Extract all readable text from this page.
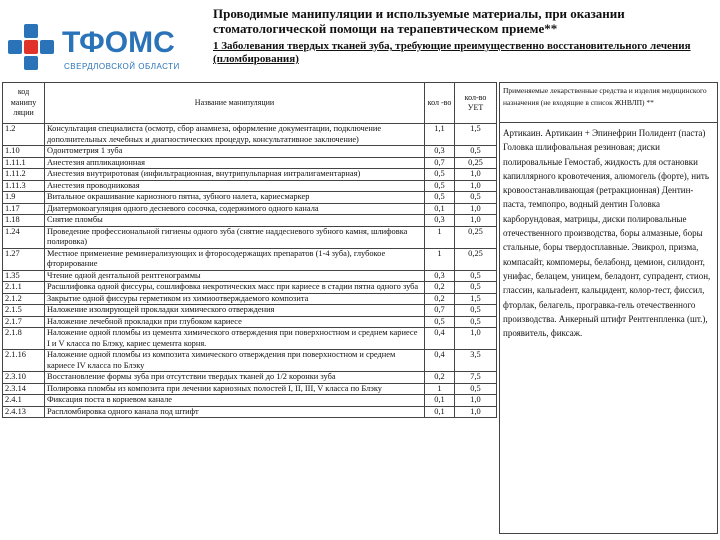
ТФОМС
СВЕРДЛОВСКОЙ ОБЛАСТИ
Проводимые манипуляции и используемые материалы, при оказании стоматологической помощи на терапевтическом приеме**
1 Заболевания твердых тканей зуба, требующие преимущественно восстановительного лечения (пломбирования)
код манипу ляции	Название манипуляции	кол -во	кол-во УЕТ
1.2	Консультация специалиста (осмотр, сбор анамнеза, оформление документации, подключение дополнительных лечебных и диагностических процедур, консультативное заключение)	1,1	1,5
1.10	Одонтометрия 1 зуба	0,3	0,5
1.11.1	Анестезия аппликационная	0,7	0,25
1.11.2	Анестезия внутриротовая (инфильтрационная, внутрипульпарная интралигаментарная)	0,5	1,0
1.11.3	Анестезия проводниковая	0,5	1,0
1.9	Витальное окрашивание кариозного пятна, зубного налета, кариесмаркер	0,5	0,5
1.17	Диатермокоагуляция одного десневого сосочка, содержимого одного канала	0,1	1,0
1.18	Снятие пломбы	0,3	1,0
1.24	Проведение профессиональной гигиены одного зуба (снятие наддесневого зубного камня, шлифовка полировка)	1	0,25
1.27	Местное применение реминерализующих и фторосодержащих препаратов (1-4 зуба), глубокое фторирование	1	0,25
1.35	Чтение одной дентальной рентгенограммы	0,3	0,5
2.1.1	Расшлифовка одной фиссуры, сошлифовка некротических масс при кариесе в стадии пятна одного зуба	0,2	0,5
2.1.2	Закрытие одной фиссуры герметиком из химиоотверждаемого композита	0,2	1,5
2.1.5	Наложение изолирующей прокладки химического отверждения	0,7	0,5
2.1.7	Наложение лечебной прокладки при глубоком кариесе	0,5	0,5
2.1.8	Наложение одной пломбы из цемента химического отверждения при поверхностном и среднем кариесе I и V класса по Блэку, кариес цемента корня.	0,4	1,0
2.1.16	Наложение одной пломбы из композита химического отверждения при поверхностном и среднем кариесе IV класса по Блэку	0,4	3,5
2.3.10	Восстановление формы зуба при отсутствии твердых тканей до 1/2 коронки зуба	0,2	7,5
2.3.14	Полировка пломбы из композита при лечении кариозных полостей I, II, III, V класса по Блэку	1	0,5
2.4.1	Фиксация поста в корневом канале	0,1	1,0
2.4.13	Распломбировка одного канала под штифт	0,1	1,0
Применяемые лекарственные средства и изделия медицинского назначения (не входящие в список ЖНВЛП) **
Артикаин. Артикаин + Эпинефрин Полидент (паста) Головка шлифовальная резиновая; диски полировальные Гемостаб, жидкость для остановки капиллярного кровотечения, алюмогель (форте), нить кровоостанавливающая (ретракционная) Дентин-паста, темпопро, водный дентин Головка карборундовая, матрицы, диски полировальные отечественного производства, боры алмазные, боры стальные, боры твердосплавные. Эвикрол, призма, компасайт, компомеры, белабонд, цемион, силидонт, унифас, белацем, уницем, беладонт, супрадент, стион, глассин, кальradент, кальцидент, колор-тест, фиссил, фторлак, белагель, програвка-гель отечественного производства. Анкерный штифт Рентгенпленка (шт.), проявитель, фиксаж.
